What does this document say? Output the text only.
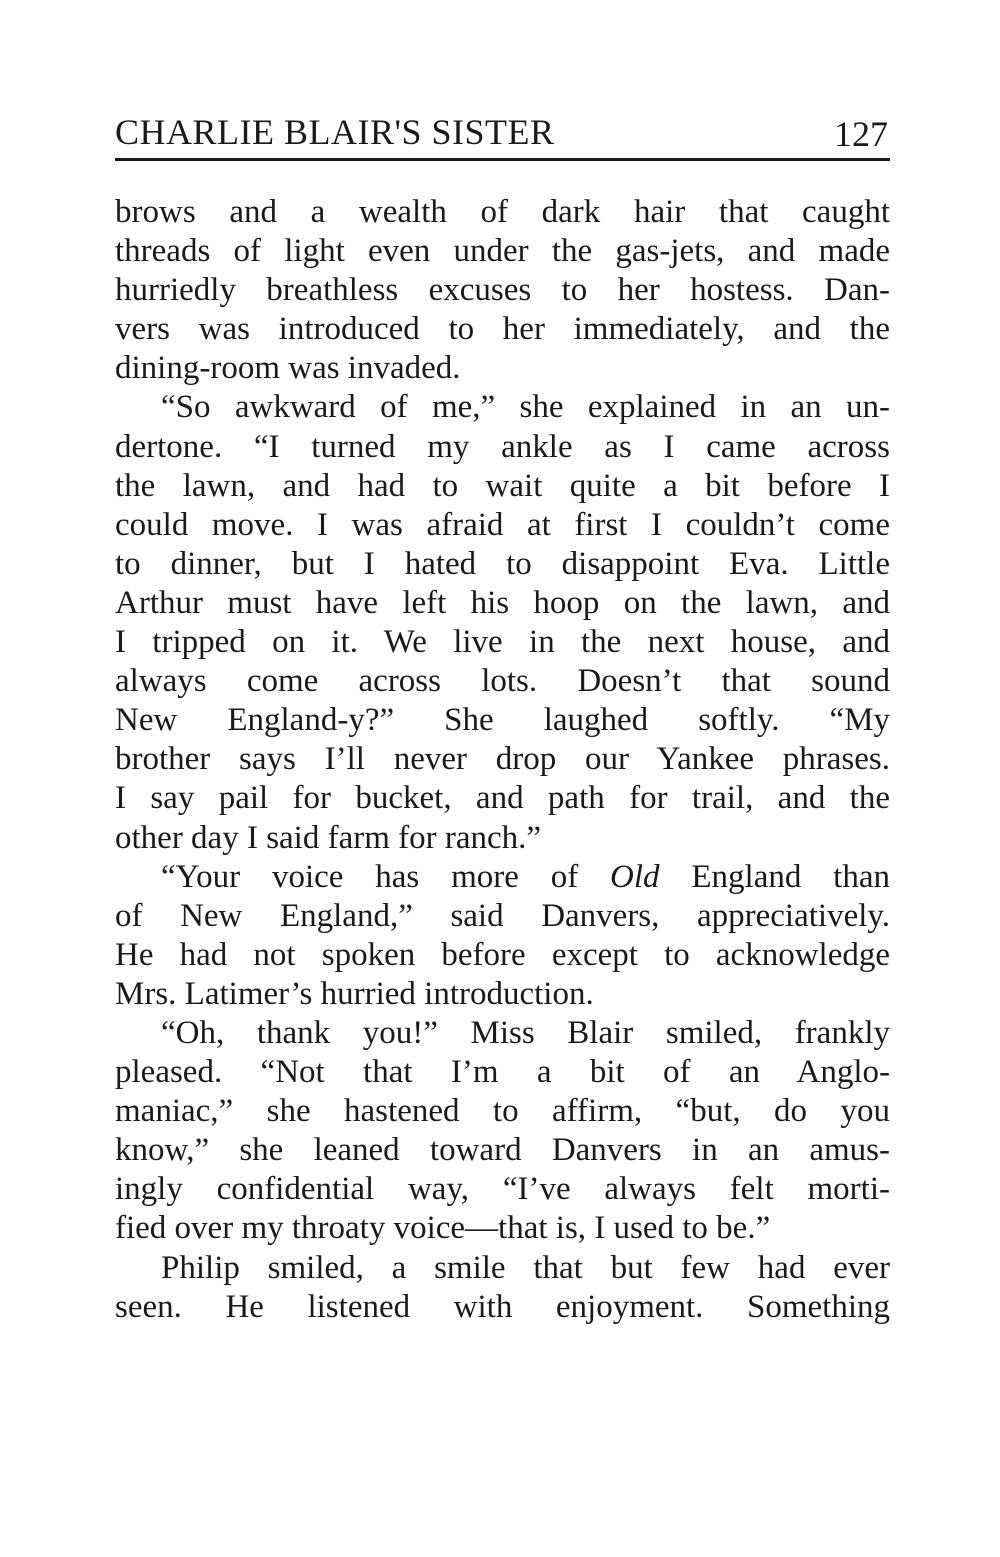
CHARLIE BLAIR'S SISTER	127
brows and a wealth of dark hair that caught
threads of light even under the gas-jets, and made
hurriedly breathless excuses to her hostess. Dan-
vers was introduced to her immediately, and the
dining-room was invaded.
“So awkward of me,” she explained in an un-
dertone. “I turned my ankle as I came across
the lawn, and had to wait quite a bit before I
could move. I was afraid at first I couldn’t come
to dinner, but I hated to disappoint Eva. Little
Arthur must have left his hoop on the lawn, and
I tripped on it. We live in the next house, and
always come across lots. Doesn’t that sound
New England-y?” She laughed softly. “My
brother says I’ll never drop our Yankee phrases.
I say pail for bucket, and path for trail, and the
other day I said farm for ranch.”
“Your voice has more of Old England than
of New England,” said Danvers, appreciatively.
He had not spoken before except to acknowledge
Mrs. Latimer’s hurried introduction.
“Oh, thank you!” Miss Blair smiled, frankly
pleased. “Not that I’m a bit of an Anglo-
maniac,” she hastened to affirm, “but, do you
know,” she leaned toward Danvers in an amus-
ingly confidential way, “I’ve always felt morti-
fied over my throaty voice—that is, I used to be.”
Philip smiled, a smile that but few had ever
seen. He listened with enjoyment. Something
